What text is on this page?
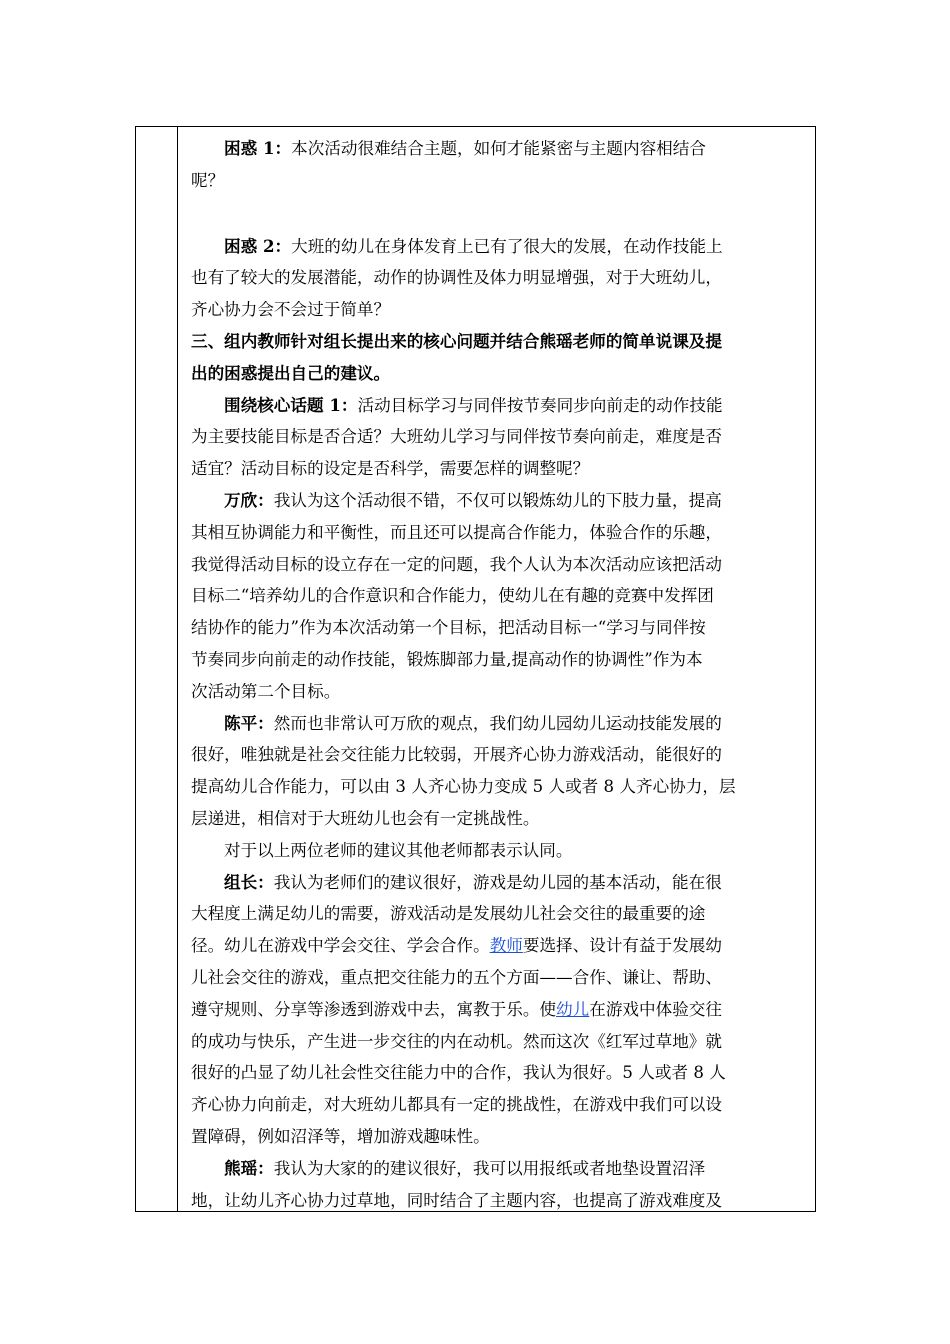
困惑 1：本次活动很难结合主题，如何才能紧密与主题内容相结合
呢？
困惑 2：大班的幼儿在身体发育上已有了很大的发展，在动作技能上
也有了较大的发展潜能，动作的协调性及体力明显增强，对于大班幼儿，
齐心协力会不会过于简单？
三、组内教师针对组长提出来的核心问题并结合熊瑶老师的简单说课及提
出的困惑提出自己的建议。
围绕核心话题 1：活动目标学习与同伴按节奏同步向前走的动作技能
为主要技能目标是否合适？大班幼儿学习与同伴按节奏向前走，难度是否
适宜？活动目标的设定是否科学，需要怎样的调整呢？
万欣：我认为这个活动很不错，不仅可以锻炼幼儿的下肢力量，提高
其相互协调能力和平衡性，而且还可以提高合作能力，体验合作的乐趣，
我觉得活动目标的设立存在一定的问题，我个人认为本次活动应该把活动
目标二“培养幼儿的合作意识和合作能力，使幼儿在有趣的竞赛中发挥团
结协作的能力”作为本次活动第一个目标，把活动目标一“学习与同伴按
节奏同步向前走的动作技能，锻炼脚部力量,提高动作的协调性”作为本
次活动第二个目标。
陈平：然而也非常认可万欣的观点，我们幼儿园幼儿运动技能发展的
很好，唯独就是社会交往能力比较弱，开展齐心协力游戏活动，能很好的
提高幼儿合作能力，可以由 3 人齐心协力变成 5 人或者 8 人齐心协力，层
层递进，相信对于大班幼儿也会有一定挑战性。
对于以上两位老师的建议其他老师都表示认同。
组长：我认为老师们的建议很好，游戏是幼儿园的基本活动，能在很
大程度上满足幼儿的需要，游戏活动是发展幼儿社会交往的最重要的途
径。幼儿在游戏中学会交往、学会合作。教师要选择、设计有益于发展幼
儿社会交往的游戏，重点把交往能力的五个方面——合作、谦让、帮助、
遵守规则、分享等渗透到游戏中去，寓教于乐。使幼儿在游戏中体验交往
的成功与快乐，产生进一步交往的内在动机。然而这次《红军过草地》就
很好的凸显了幼儿社会性交往能力中的合作，我认为很好。5 人或者 8 人
齐心协力向前走，对大班幼儿都具有一定的挑战性，在游戏中我们可以设
置障碍，例如沼泽等，增加游戏趣味性。
熊瑶：我认为大家的的建议很好，我可以用报纸或者地垫设置沼泽
地，让幼儿齐心协力过草地，同时结合了主题内容，也提高了游戏难度及
